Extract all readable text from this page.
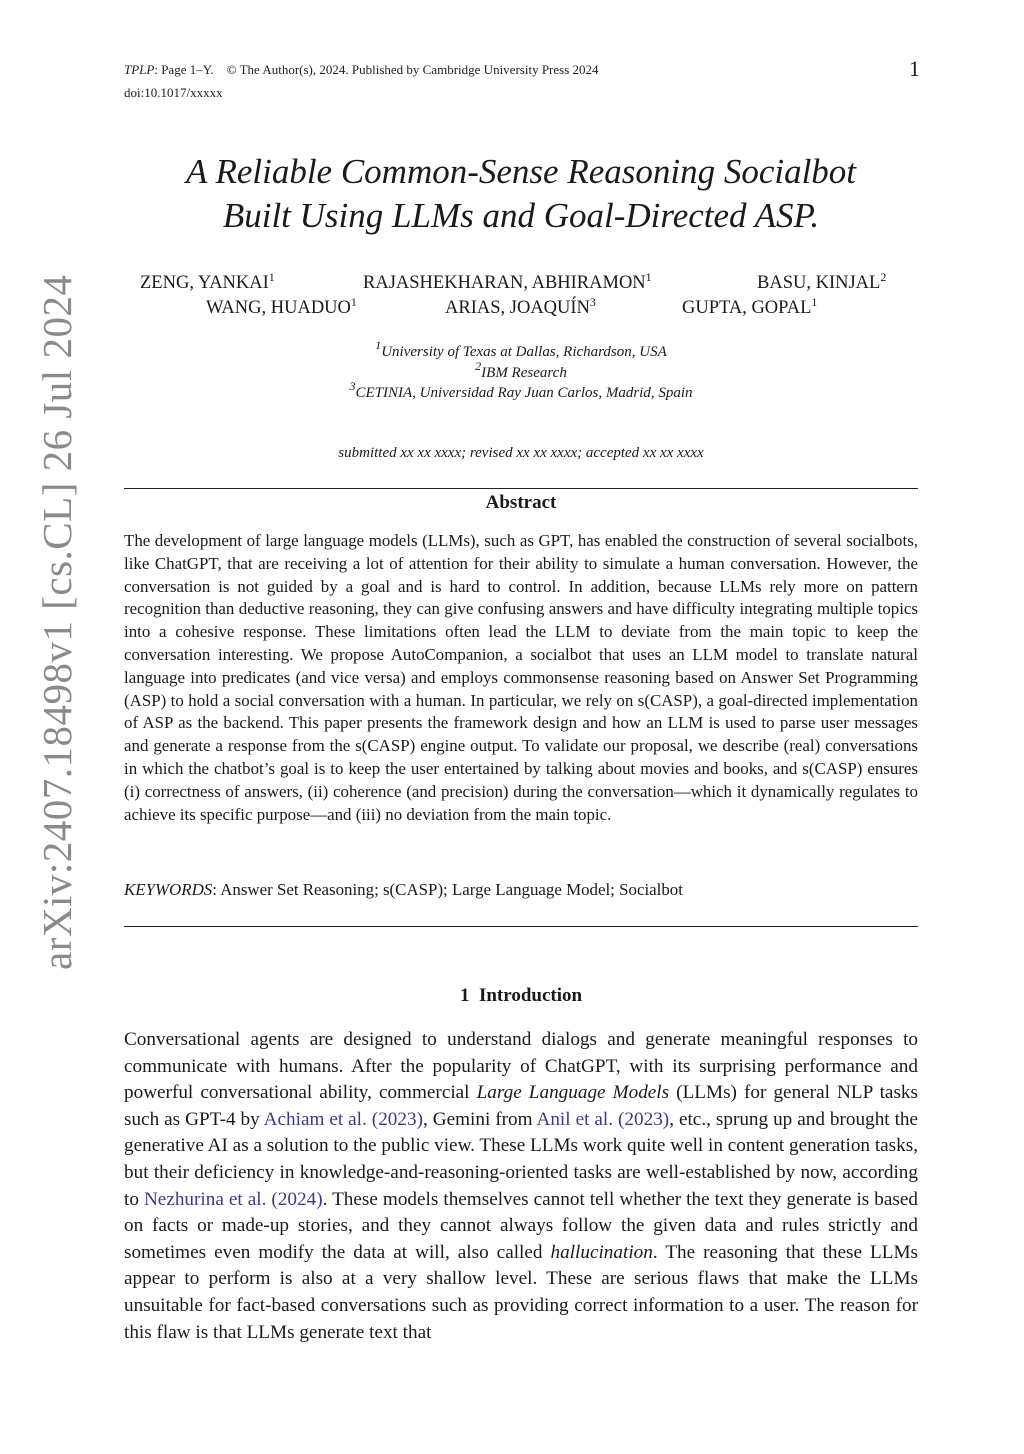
TPLP: Page 1–Y. © The Author(s), 2024. Published by Cambridge University Press 2024
doi:10.1017/xxxxx
1
arXiv:2407.18498v1 [cs.CL] 26 Jul 2024
A Reliable Common-Sense Reasoning Socialbot
Built Using LLMs and Goal-Directed ASP.
ZENG, YANKAI$^1$	RAJASHEKHARAN, ABHIRAMON$^1$	BASU, KINJAL$^2$
WANG, HUADUO$^1$	ARIAS, JOAQUÍN$^3$	GUPTA, GOPAL$^1$
$^1$University of Texas at Dallas, Richardson, USA
$^2$IBM Research
$^3$CETINIA, Universidad Ray Juan Carlos, Madrid, Spain
submitted xx xx xxxx; revised xx xx xxxx; accepted xx xx xxxx
Abstract
The development of large language models (LLMs), such as GPT, has enabled the construction of several socialbots, like ChatGPT, that are receiving a lot of attention for their ability to simulate a human conversation. However, the conversation is not guided by a goal and is hard to control. In addition, because LLMs rely more on pattern recognition than deductive reasoning, they can give confusing answers and have difficulty integrating multiple topics into a cohesive response. These limitations often lead the LLM to deviate from the main topic to keep the conversation interesting. We propose AutoCompanion, a socialbot that uses an LLM model to translate natural language into predicates (and vice versa) and employs commonsense reasoning based on Answer Set Programming (ASP) to hold a social conversation with a human. In particular, we rely on s(CASP), a goal-directed implementation of ASP as the backend. This paper presents the framework design and how an LLM is used to parse user messages and generate a response from the s(CASP) engine output. To validate our proposal, we describe (real) conversations in which the chatbot’s goal is to keep the user entertained by talking about movies and books, and s(CASP) ensures (i) correctness of answers, (ii) coherence (and precision) during the conversation—which it dynamically regulates to achieve its specific purpose—and (iii) no deviation from the main topic.
KEYWORDS: Answer Set Reasoning; s(CASP); Large Language Model; Socialbot
1 Introduction
Conversational agents are designed to understand dialogs and generate meaningful responses to communicate with humans. After the popularity of ChatGPT, with its surprising performance and powerful conversational ability, commercial Large Language Models (LLMs) for general NLP tasks such as GPT-4 by Achiam et al. (2023), Gemini from Anil et al. (2023), etc., sprung up and brought the generative AI as a solution to the public view. These LLMs work quite well in content generation tasks, but their deficiency in knowledge-and-reasoning-oriented tasks are well-established by now, according to Nezhurina et al. (2024). These models themselves cannot tell whether the text they generate is based on facts or made-up stories, and they cannot always follow the given data and rules strictly and sometimes even modify the data at will, also called hallucination. The reasoning that these LLMs appear to perform is also at a very shallow level. These are serious flaws that make the LLMs unsuitable for fact-based conversations such as providing correct information to a user. The reason for this flaw is that LLMs generate text that
